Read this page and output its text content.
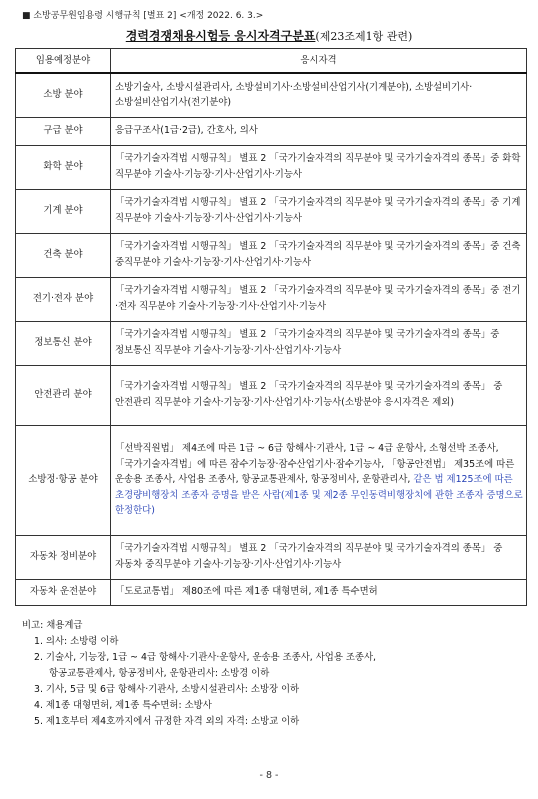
■ 소방공무원임용령 시행규칙 [별표 2] <개정 2022. 6. 3.>
경력경쟁채용시험등 응시자격구분표(제23조제1항 관련)
임용예정분야	응시자격
소방 분야	소방기술사, 소방시설관리사, 소방설비기사·소방설비산업기사(기계분야), 소방설비기사·소방설비산업기사(전기분야)
구급 분야	응급구조사(1급·2급), 간호사, 의사
화학 분야	「국가기술자격법 시행규칙」 별표 2 「국가기술자격의 직무분야 및 국가기술자격의 종목」중 화학 직무분야 기술사·기능장·기사·산업기사·기능사
기계 분야	「국가기술자격법 시행규칙」 별표 2 「국가기술자격의 직무분야 및 국가기술자격의 종목」중 기계 직무분야 기술사·기능장·기사·산업기사·기능사
건축 분야	「국가기술자격법 시행규칙」 별표 2 「국가기술자격의 직무분야 및 국가기술자격의 종목」중 건축 중직무분야 기술사·기능장·기사·산업기사·기능사
전기·전자 분야	「국가기술자격법 시행규칙」 별표 2 「국가기술자격의 직무분야 및 국가기술자격의 종목」중 전기·전자 직무분야 기술사·기능장·기사·산업기사·기능사
정보통신 분야	「국가기술자격법 시행규칙」 별표 2 「국가기술자격의 직무분야 및 국가기술자격의 종목」중 정보통신 직무분야 기술사·기능장·기사·산업기사·기능사
안전관리 분야	「국가기술자격법 시행규칙」 별표 2 「국가기술자격의 직무분야 및 국가기술자격의 종목」 중 안전관리 직무분야 기술사·기능장·기사·산업기사·기능사(소방분야 응시자격은 제외)
소방정·항공 분야	「선박직원법」 제4조에 따른 1급 ~ 6급 항해사·기관사, 1급 ~ 4급 운항사, 소형선박 조종사, 「국가기술자격법」에 따른 잠수기능장·잠수산업기사·잠수기능사, 「항공안전법」 제35조에 따른 운송용 조종사, 사업용 조종사, 항공교통관제사, 항공정비사, 운항관리사, 같은 법 제125조에 따른 초경량비행장치 조종자 증명을 받은 사람(제1종 및 제2종 무인동력비행장치에 관한 조종자 증명으로 한정한다)
자동차 정비분야	「국가기술자격법 시행규칙」 별표 2 「국가기술자격의 직무분야 및 국가기술자격의 종목」 중 자동차 중직무분야 기술사·기능장·기사·산업기사·기능사
자동차 운전분야	「도로교통법」 제80조에 따른 제1종 대형면허, 제1종 특수면허
비고: 채용계급
1. 의사: 소방령 이하
2. 기술사, 기능장, 1급 ~ 4급 항해사·기관사·운항사, 운송용 조종사, 사업용 조종사,
항공교통관제사, 항공정비사, 운항관리사: 소방경 이하
3. 기사, 5급 및 6급 항해사·기관사, 소방시설관리사: 소방장 이하
4. 제1종 대형면허, 제1종 특수면허: 소방사
5. 제1호부터 제4호까지에서 규정한 자격 외의 자격: 소방교 이하
- 8 -
